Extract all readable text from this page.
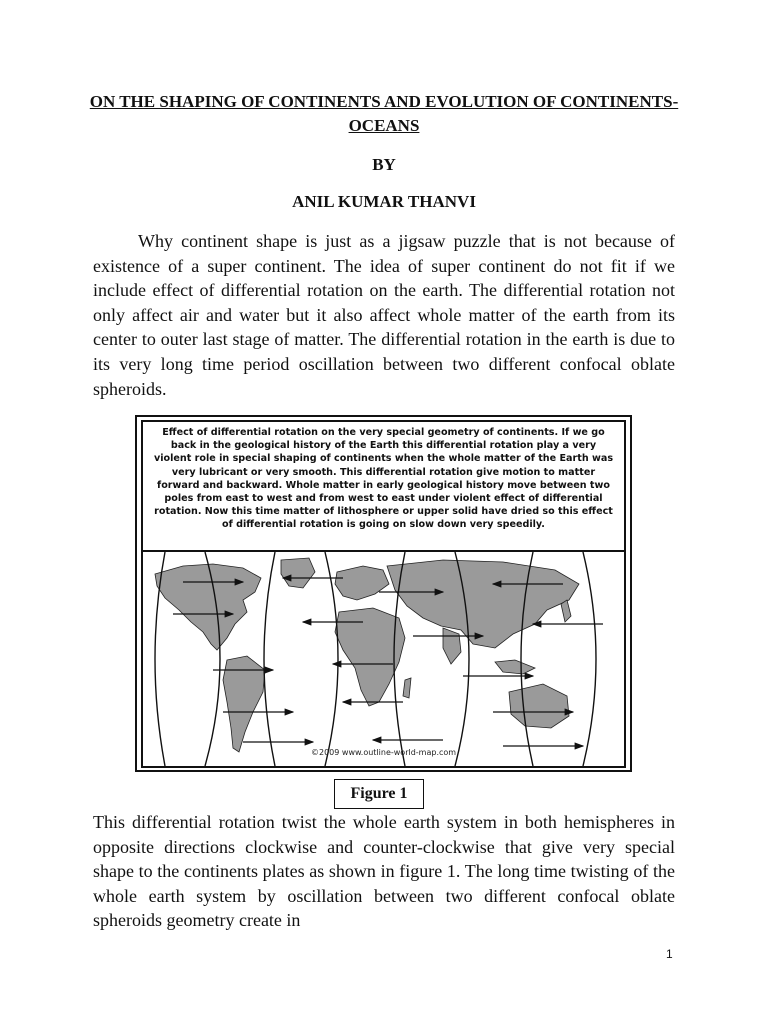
ON THE SHAPING OF CONTINENTS AND EVOLUTION OF CONTINENTS-OCEANS
BY
ANIL KUMAR THANVI

Why continent shape is just as a jigsaw puzzle that is not because of existence of a super continent. The idea of super continent do not fit if we include effect of differential rotation on the earth. The differential rotation not only affect air and water but it also affect whole matter of the earth from its center to outer last stage of matter. The differential rotation in the earth is due to its very long time period oscillation between two different confocal oblate spheroids.

Effect of differential rotation on the very special geometry of continents. If we go back in the geological history of the Earth this differential rotation play a very violent role in special shaping of continents when the whole matter of the Earth was very lubricant or very smooth. This differential rotation give motion to matter forward and backward. Whole matter in early geological history move between two poles from east to west and from west to east under violent effect of differential rotation. Now this time matter of lithosphere or upper solid have dried so this effect of differential rotation is going on slow down very speedily.
©2009 www.outline-world-map.com
Figure 1

This differential rotation twist the whole earth system in both hemispheres in opposite directions clockwise and counter-clockwise that give very special shape to the continents plates as shown in figure 1. The long time twisting of the whole earth system by oscillation between two different confocal oblate spheroids geometry create in

1
